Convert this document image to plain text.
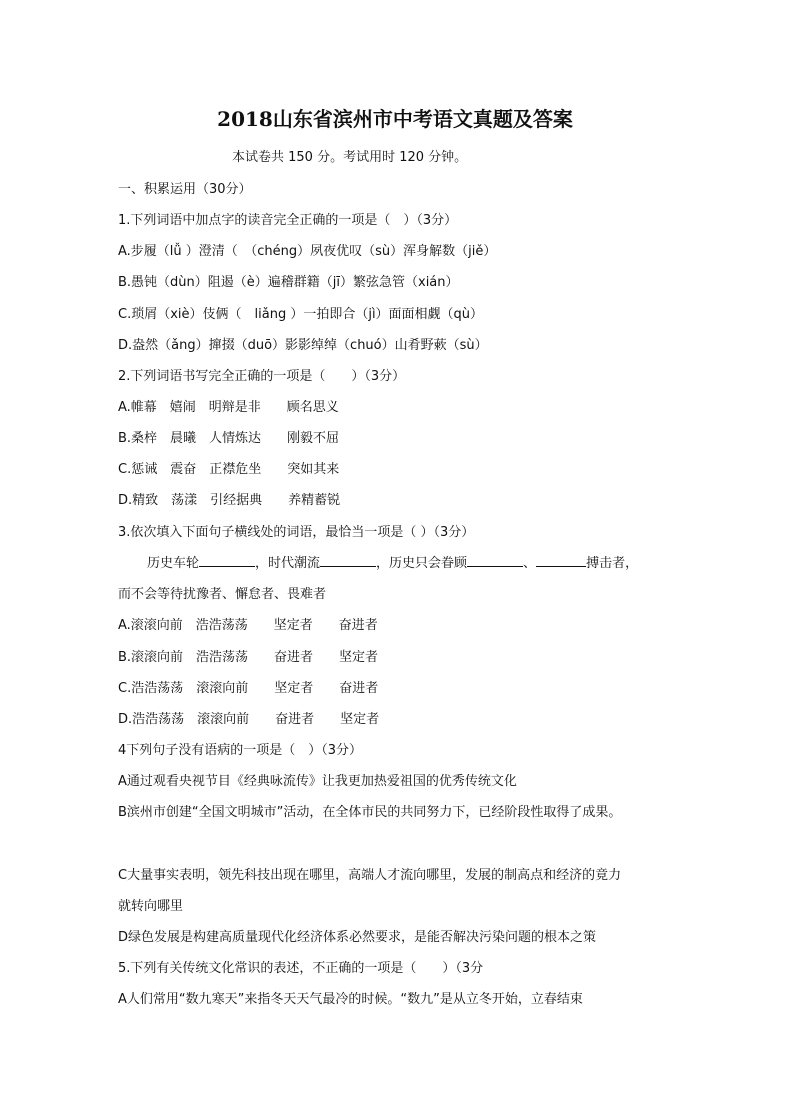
2018山东省滨州市中考语文真题及答案
本试卷共 150 分。考试用时 120 分钟。
一、积累运用（30分）
1.下列词语中加点字的读音完全正确的一项是（　）（3分）
A.步履（lǚ ）澄清（　（chéng）夙夜优叹（sù）浑身解数（jiě）
B.愚钝（dùn）阻遏（è）遍稽群籍（jī）繁弦急管（xián）
C.琐屑（xiè）伎俩（　liǎng ）一拍即合（jì）面面相觑（qù）
D.盎然（ǎng）撺掇（duō）影影绰绰（chuó）山肴野蔌（sù）
2.下列词语书写完全正确的一项是（　　）（3分）
A.帷幕　嬉闹　明辩是非　　顾名思义
B.桑梓　晨曦　人情炼达　　刚毅不屈
C.惩诫　震奋　正襟危坐　　突如其来
D.精致　荡漾　引经据典　　养精蓄锐
3.依次填入下面句子横线处的词语，最恰当一项是（ ）（3分）
历史车轮	，时代潮流	，历史只会眷顾	、	搏击者，
而不会等待扰豫者、懈怠者、畏难者
A.滚滚向前　浩浩荡荡　　坚定者　　奋进者
B.滚滚向前　浩浩荡荡　　奋进者　　坚定者
C.浩浩荡荡　滚滚向前　　坚定者　　奋进者
D.浩浩荡荡　滚滚向前　　奋进者　　坚定者
4下列句子没有语病的一项是（　）（3分）
A通过观看央视节目《经典咏流传》让我更加热爱祖国的优秀传统文化
B滨州市创建“全国文明城市”活动，在全体市民的共同努力下，已经阶段性取得了成果。
C大量事实表明，领先科技出现在哪里，高端人才流向哪里，发展的制高点和经济的竟力
就转向哪里
D绿色发展是构建高质量现代化经济体系必然要求，是能否解决污染问题的根本之策
5.下列有关传统文化常识的表述，不正确的一项是（　　）（3分
A人们常用“数九寒天”来指冬天天气最冷的时候。“数九”是从立冬开始，立春结束
